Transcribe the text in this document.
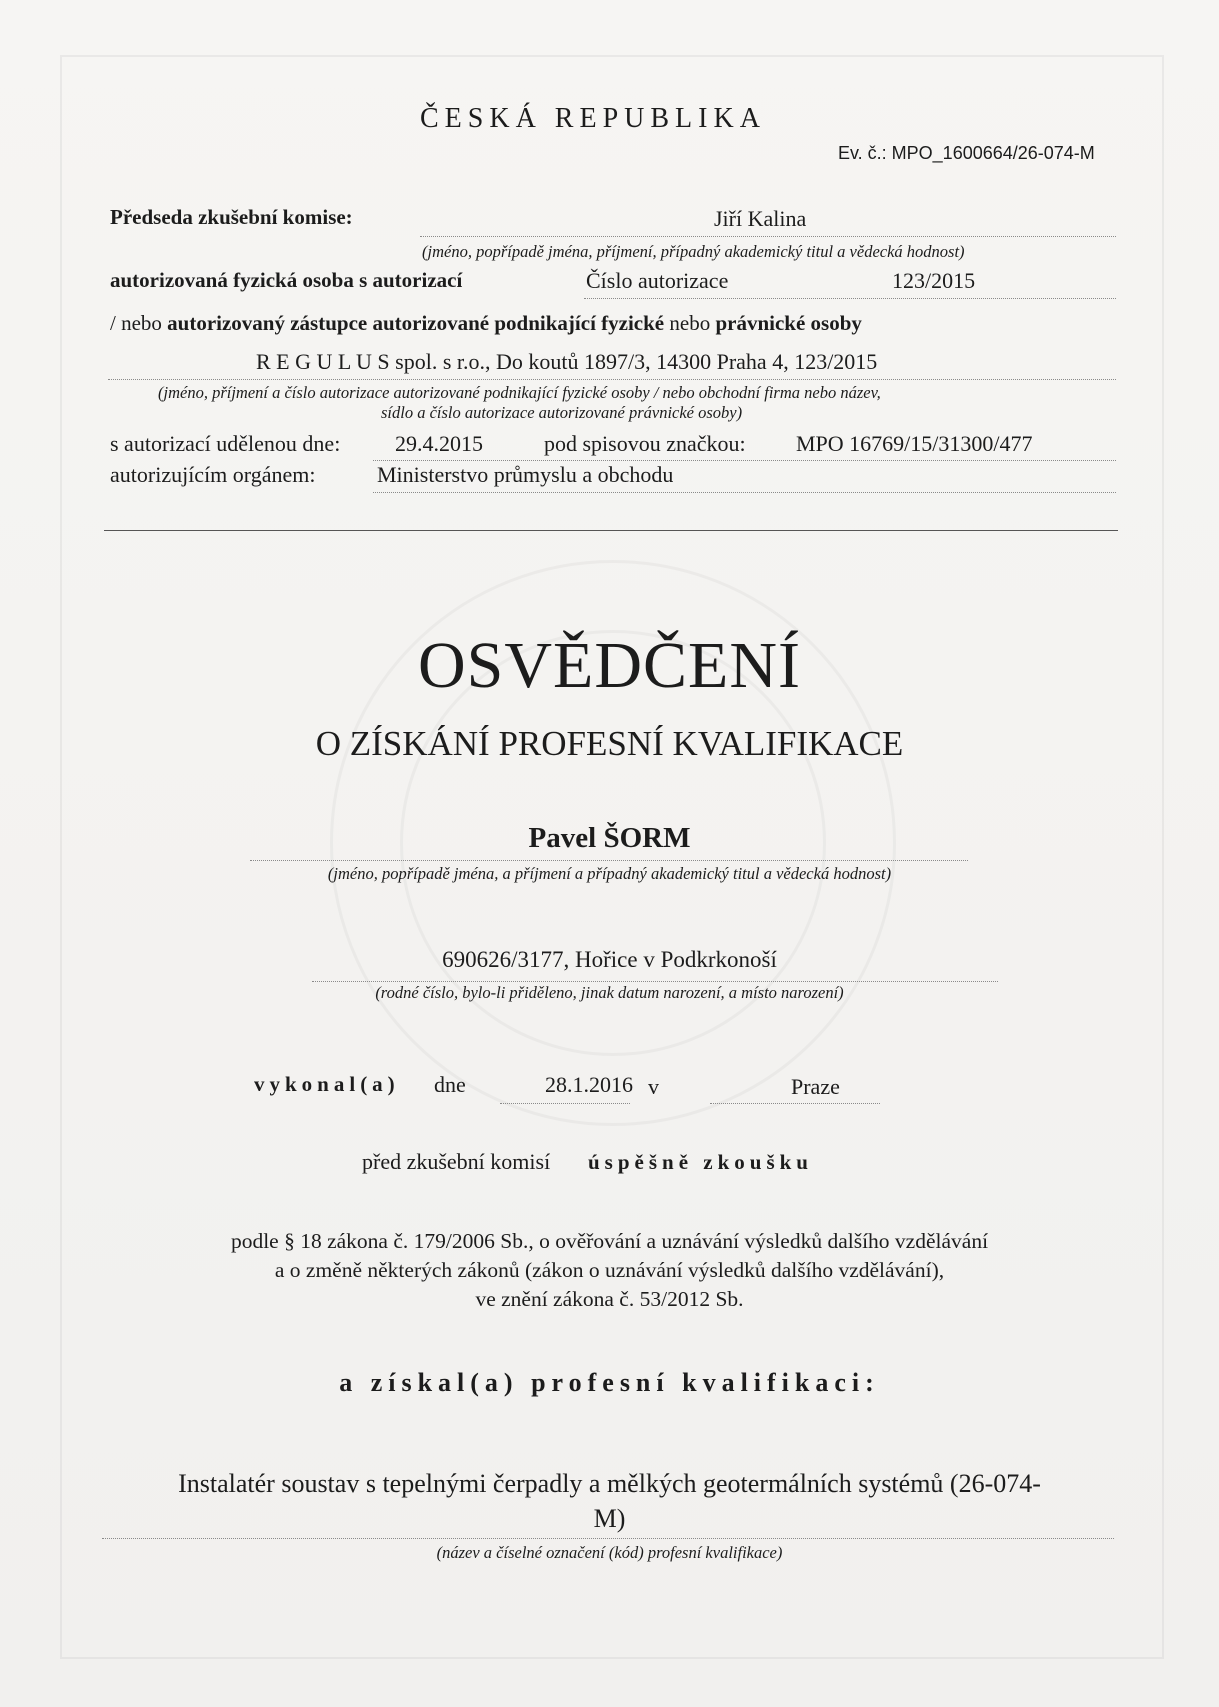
ČESKÁ REPUBLIKA
Ev. č.: MPO_1600664/26-074-M
Předseda zkušební komise:	Jiří Kalina
(jméno, popřípadě jména, příjmení, případný akademický titul a vědecká hodnost)
autorizovaná fyzická osoba s autorizací	Číslo autorizace	123/2015
/ nebo autorizovaný zástupce autorizované podnikající fyzické nebo právnické osoby
R E G U L U S spol. s r.o., Do koutů 1897/3, 14300 Praha 4, 123/2015
(jméno, příjmení a číslo autorizace autorizované podnikající fyzické osoby / nebo obchodní firma nebo název,
sídlo a číslo autorizace autorizované právnické osoby)
s autorizací udělenou dne: 29.4.2015	pod spisovou značkou: MPO 16769/15/31300/477
autorizujícím orgánem:	Ministerstvo průmyslu a obchodu
OSVĚDČENÍ
O ZÍSKÁNÍ PROFESNÍ KVALIFIKACE
Pavel ŠORM
(jméno, popřípadě jména, a příjmení a případný akademický titul a vědecká hodnost)
690626/3177, Hořice v Podkrkonoší
(rodné číslo, bylo-li přiděleno, jinak datum narození, a místo narození)
vykonal(a) dne	28.1.2016 v	Praze
před zkušební komisí úspěšně zkoušku
podle § 18 zákona č. 179/2006 Sb., o ověřování a uznávání výsledků dalšího vzdělávání
a o změně některých zákonů (zákon o uznávání výsledků dalšího vzdělávání),
ve znění zákona č. 53/2012 Sb.
a získal(a) profesní kvalifikaci:
Instalatér soustav s tepelnými čerpadly a mělkých geotermálních systémů (26-074-
M)
(název a číselné označení (kód) profesní kvalifikace)
